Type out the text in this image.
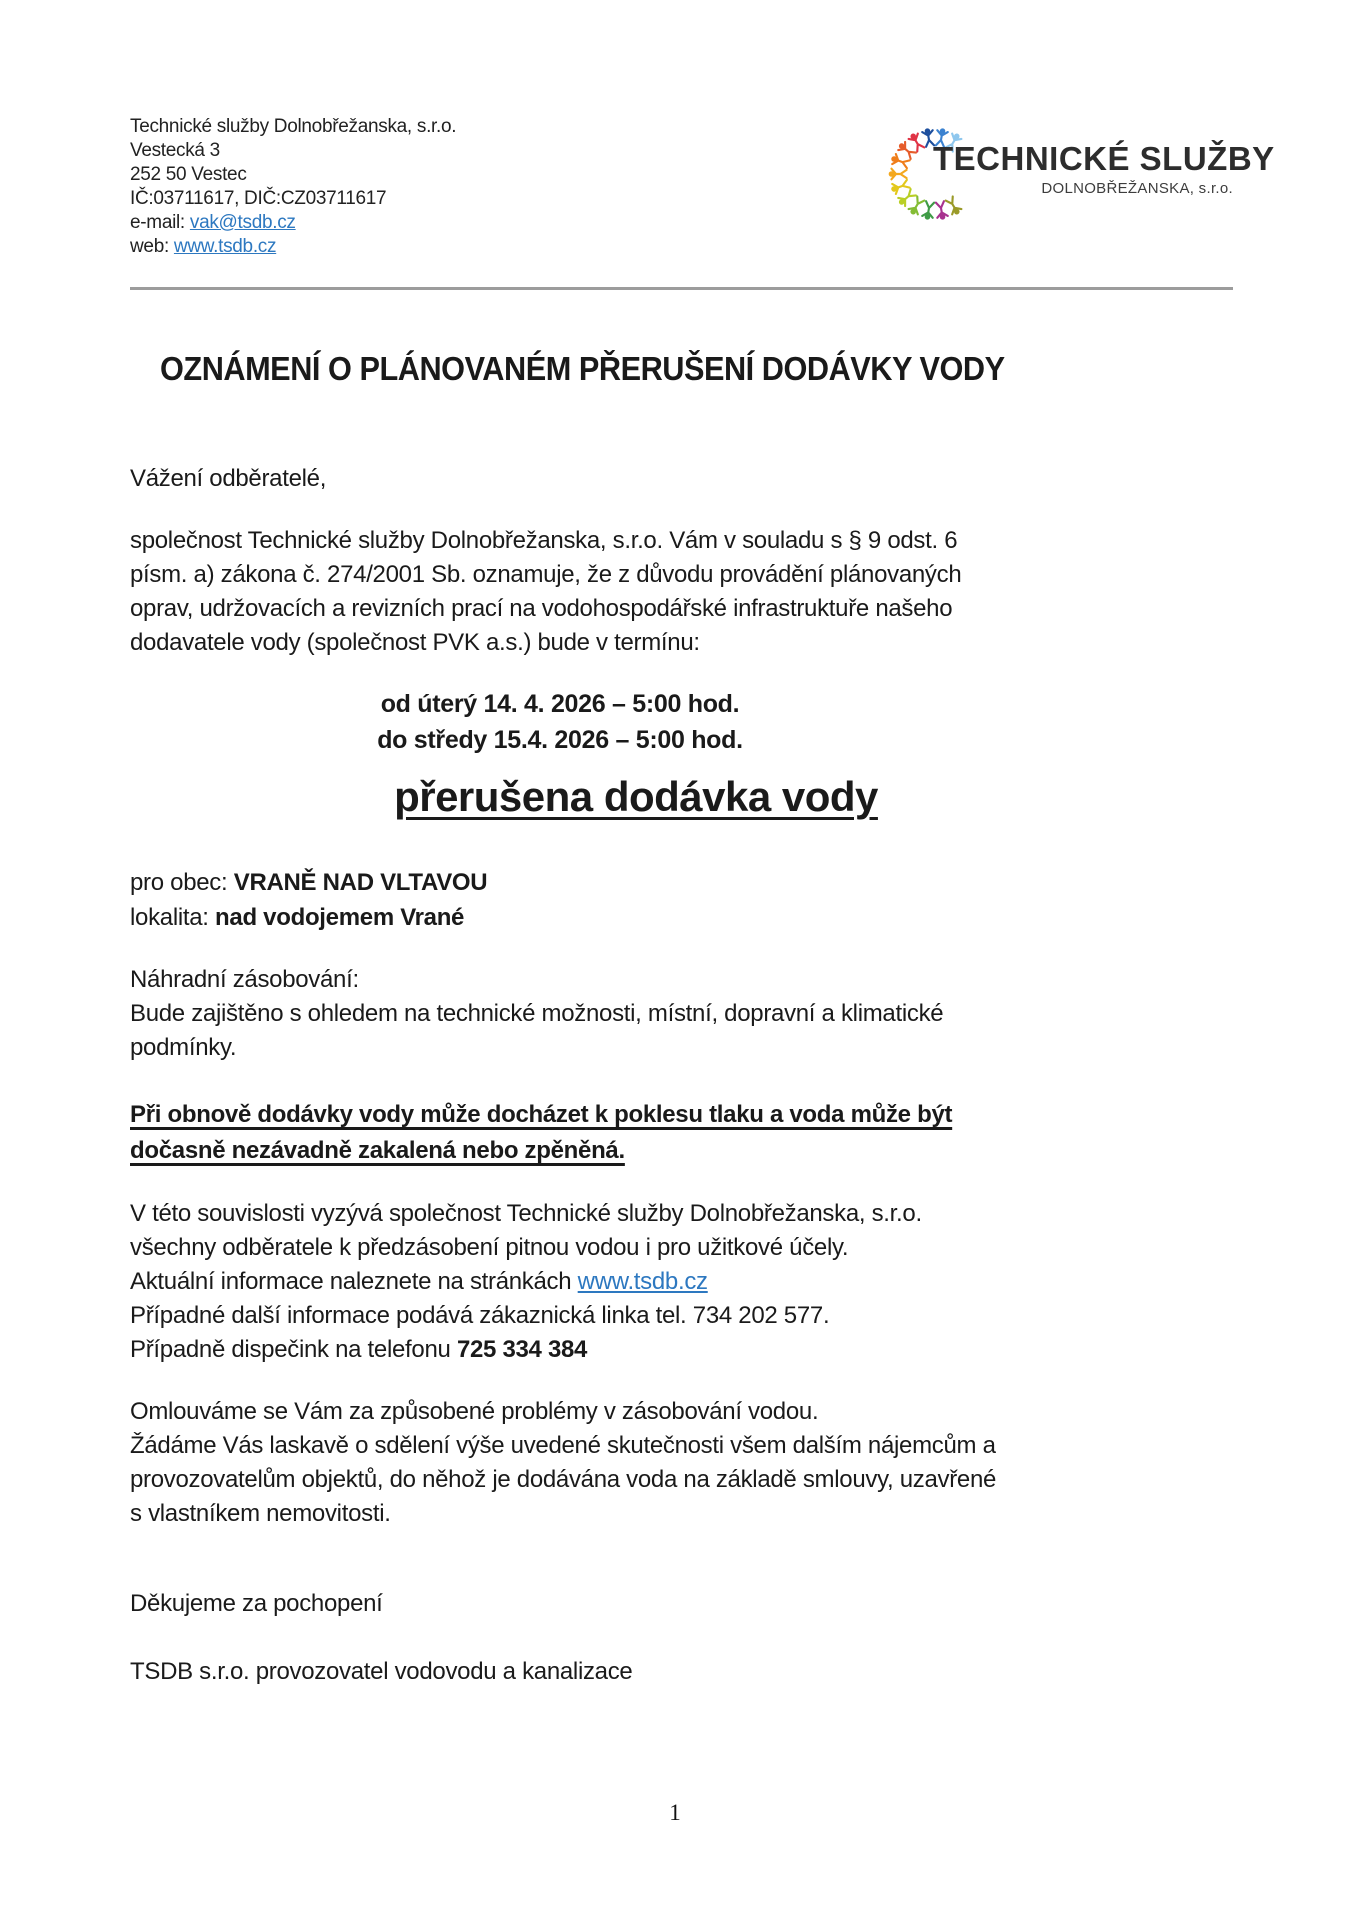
Technické služby Dolnobřežanska, s.r.o.
Vestecká 3
252 50 Vestec
IČ:03711617, DIČ:CZ03711617
e-mail: vak@tsdb.cz
web: www.tsdb.cz
TECHNICKÉ SLUŽBY
DOLNOBŘEŽANSKA, s.r.o.
OZNÁMENÍ O PLÁNOVANÉM PŘERUŠENÍ DODÁVKY VODY
Vážení odběratelé,
společnost Technické služby Dolnobřežanska, s.r.o. Vám v souladu s § 9 odst. 6
písm. a) zákona č. 274/2001 Sb. oznamuje, že z důvodu provádění plánovaných
oprav, udržovacích a revizních prací na vodohospodářské infrastruktuře našeho
dodavatele vody (společnost PVK a.s.) bude v termínu:
od úterý 14. 4. 2026 – 5:00 hod.
do středy 15.4. 2026 – 5:00 hod.
přerušena dodávka vody
pro obec: VRANĚ NAD VLTAVOU
lokalita: nad vodojemem Vrané
Náhradní zásobování:
Bude zajištěno s ohledem na technické možnosti, místní, dopravní a klimatické
podmínky.
Při obnově dodávky vody může docházet k poklesu tlaku a voda může být
dočasně nezávadně zakalená nebo zpěněná.
V této souvislosti vyzývá společnost Technické služby Dolnobřežanska, s.r.o.
všechny odběratele k předzásobení pitnou vodou i pro užitkové účely.
Aktuální informace naleznete na stránkách www.tsdb.cz
Případné další informace podává zákaznická linka tel. 734 202 577.
Případně dispečink na telefonu 725 334 384
Omlouváme se Vám za způsobené problémy v zásobování vodou.
Žádáme Vás laskavě o sdělení výše uvedené skutečnosti všem dalším nájemcům a
provozovatelům objektů, do něhož je dodávána voda na základě smlouvy, uzavřené
s vlastníkem nemovitosti.
Děkujeme za pochopení
TSDB s.r.o. provozovatel vodovodu a kanalizace
1
